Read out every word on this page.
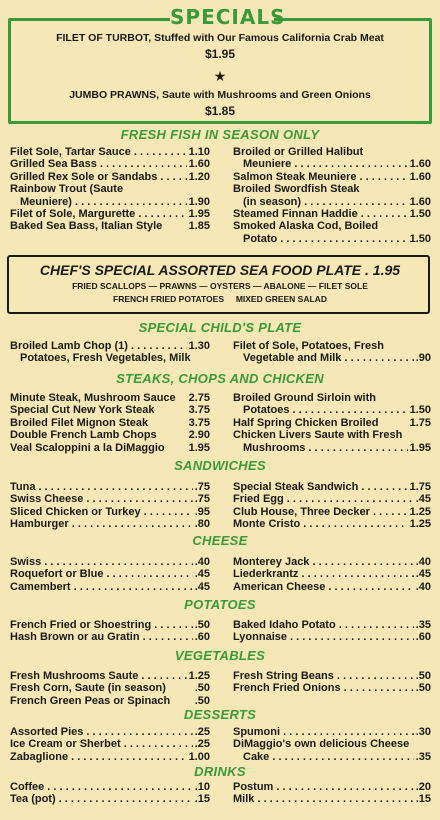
SPECIALS
FILET OF TURBOT, Stuffed with Our Famous California Crab Meat
$1.95
★
JUMBO PRAWNS, Saute with Mushrooms and Green Onions
$1.85
FRESH FISH IN SEASON ONLY
Filet Sole, Tartar Sauce . . .	1.10
Grilled Sea Bass . . .	1.60
Grilled Rex Sole or Sandabs . . .	1.20
Rainbow Trout (Saute
Meuniere) . . .	1.90
Filet of Sole, Margurette . . .	1.95
Baked Sea Bass, Italian Style 1.85
Broiled or Grilled Halibut
Meuniere . . .	1.60
Salmon Steak Meuniere . . .	1.60
Broiled Swordfish Steak
(in season) . . .	1.60
Steamed Finnan Haddie . . .	1.50
Smoked Alaska Cod, Boiled
Potato . . .	1.50
CHEF'S SPECIAL ASSORTED SEA FOOD PLATE . 1.95
FRIED SCALLOPS — PRAWNS — OYSTERS — ABALONE — FILET SOLE
FRENCH FRIED POTATOES     MIXED GREEN SALAD
SPECIAL CHILD'S PLATE
Broiled Lamb Chop (1) . . .	1.30
Potatoes, Fresh Vegetables, Milk
Filet of Sole, Potatoes, Fresh
Vegetable and Milk . . .	.90
STEAKS, CHOPS AND CHICKEN
Minute Steak, Mushroom Sauce 2.75
Special Cut New York Steak	3.75
Broiled Filet Mignon Steak	3.75
Double French Lamb Chops	2.90
Veal Scaloppini a la DiMaggio 1.95
Broiled Ground Sirloin with
Potatoes . . .	1.50
Half Spring Chicken Broiled	1.75
Chicken Livers Saute with Fresh
Mushrooms . . .	1.95
SANDWICHES
Tuna . . .	.75
Swiss Cheese . . .	.75
Sliced Chicken or Turkey . . .	.95
Hamburger . . .	.80
Special Steak Sandwich . . .	1.75
Fried Egg . . .	.45
Club House, Three Decker . . .	1.25
Monte Cristo . . .	1.25
CHEESE
Swiss . . .	.40
Roquefort or Blue . . .	.45
Camembert . . .	.45
Monterey Jack . . .	.40
Liederkrantz . . .	.45
American Cheese . . .	.40
POTATOES
French Fried or Shoestring . . .	.50
Hash Brown or au Gratin . . .	.60
Baked Idaho Potato . . .	.35
Lyonnaise . . .	.60
VEGETABLES
Fresh Mushrooms Saute . . .	1.25
Fresh Corn, Saute (in season)	.50
French Green Peas or Spinach .50
Fresh String Beans . . .	.50
French Fried Onions . . .	.50
DESSERTS
Assorted Pies . . .	.25
Ice Cream or Sherbet . . .	.25
Zabaglione . . .	1.00
Spumoni . . .	.30
DiMaggio's own delicious Cheese
Cake . . .	.35
DRINKS
Coffee . . .	.10
Tea (pot) . . .	.15
Postum . . .	.20
Milk . . .	.15
